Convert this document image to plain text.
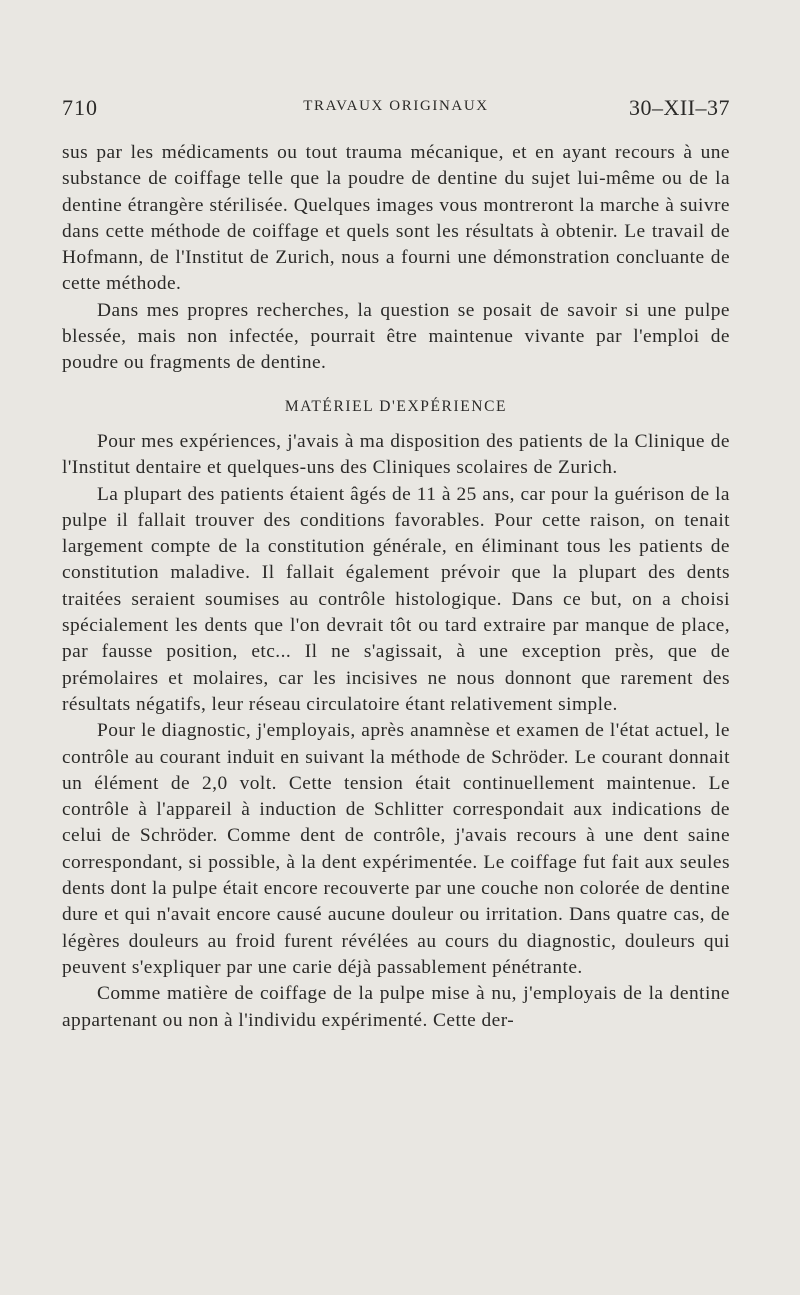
710	TRAVAUX ORIGINAUX	30–XII–37

sus par les médicaments ou tout trauma mécanique, et en ayant recours à une substance de coiffage telle que la poudre de dentine du sujet lui-même ou de la dentine étrangère stérilisée. Quelques images vous montreront la marche à suivre dans cette méthode de coiffage et quels sont les résultats à obtenir. Le travail de Hofmann, de l'Institut de Zurich, nous a fourni une démonstration concluante de cette méthode.

Dans mes propres recherches, la question se posait de savoir si une pulpe blessée, mais non infectée, pourrait être maintenue vivante par l'emploi de poudre ou fragments de dentine.

MATÉRIEL D'EXPÉRIENCE

Pour mes expériences, j'avais à ma disposition des patients de la Clinique de l'Institut dentaire et quelques-uns des Cliniques scolaires de Zurich.

La plupart des patients étaient âgés de 11 à 25 ans, car pour la guérison de la pulpe il fallait trouver des conditions favorables. Pour cette raison, on tenait largement compte de la constitution générale, en éliminant tous les patients de constitution maladive. Il fallait également prévoir que la plupart des dents traitées seraient soumises au contrôle histologique. Dans ce but, on a choisi spécialement les dents que l'on devrait tôt ou tard extraire par manque de place, par fausse position, etc... Il ne s'agissait, à une exception près, que de prémolaires et molaires, car les incisives ne nous donnont que rarement des résultats négatifs, leur réseau circulatoire étant relativement simple.

Pour le diagnostic, j'employais, après anamnèse et examen de l'état actuel, le contrôle au courant induit en suivant la méthode de Schröder. Le courant donnait un élément de 2,0 volt. Cette tension était continuellement maintenue. Le contrôle à l'appareil à induction de Schlitter correspondait aux indications de celui de Schröder. Comme dent de contrôle, j'avais recours à une dent saine correspondant, si possible, à la dent expérimentée. Le coiffage fut fait aux seules dents dont la pulpe était encore recouverte par une couche non colorée de dentine dure et qui n'avait encore causé aucune douleur ou irritation. Dans quatre cas, de légères douleurs au froid furent révélées au cours du diagnostic, douleurs qui peuvent s'expliquer par une carie déjà passablement pénétrante.

Comme matière de coiffage de la pulpe mise à nu, j'employais de la dentine appartenant ou non à l'individu expérimenté. Cette der-
